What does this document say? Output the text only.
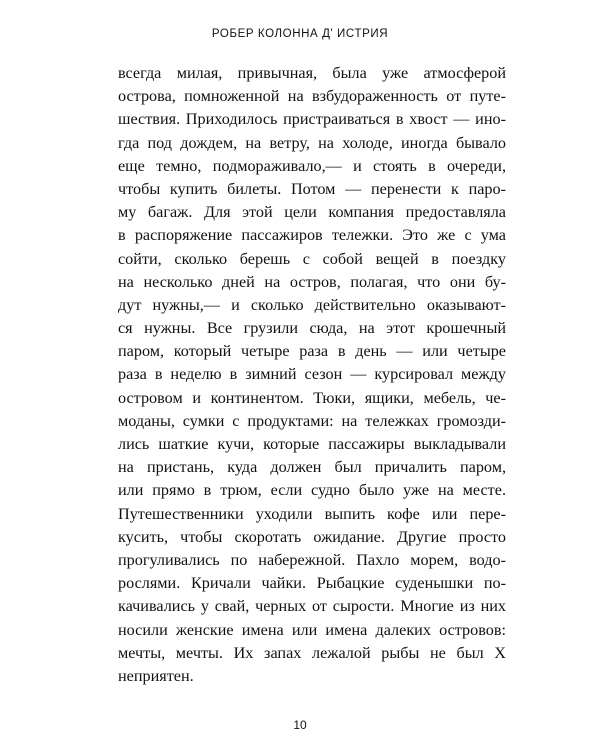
РОБЕР КОЛОННА Д' ИСТРИЯ
всегда милая, привычная, была уже атмосферой
острова, помноженной на взбудораженность от путе-
шествия. Приходилось пристраиваться в хвост — ино-
гда под дождем, на ветру, на холоде, иногда бывало
еще темно, подмораживало,— и стоять в очереди,
чтобы купить билеты. Потом — перенести к паро-
му багаж. Для этой цели компания предоставляла
в распоряжение пассажиров тележки. Это же с ума
сойти, сколько берешь с собой вещей в поездку
на несколько дней на остров, полагая, что они бу-
дут нужны,— и сколько действительно оказывают-
ся нужны. Все грузили сюда, на этот крошечный
паром, который четыре раза в день — или четыре
раза в неделю в зимний сезон — курсировал между
островом и континентом. Тюки, ящики, мебель, че-
моданы, сумки с продуктами: на тележках громозди-
лись шаткие кучи, которые пассажиры выкладывали
на пристань, куда должен был причалить паром,
или прямо в трюм, если судно было уже на месте.
Путешественники уходили выпить кофе или пере-
кусить, чтобы скоротать ожидание. Другие просто
прогуливались по набережной. Пахло морем, водо-
рослями. Кричали чайки. Рыбацкие суденышки по-
качивались у свай, черных от сырости. Многие из них
носили женские имена или имена далеких островов:
мечты, мечты. Их запах лежалой рыбы не был Х
неприятен.
10
